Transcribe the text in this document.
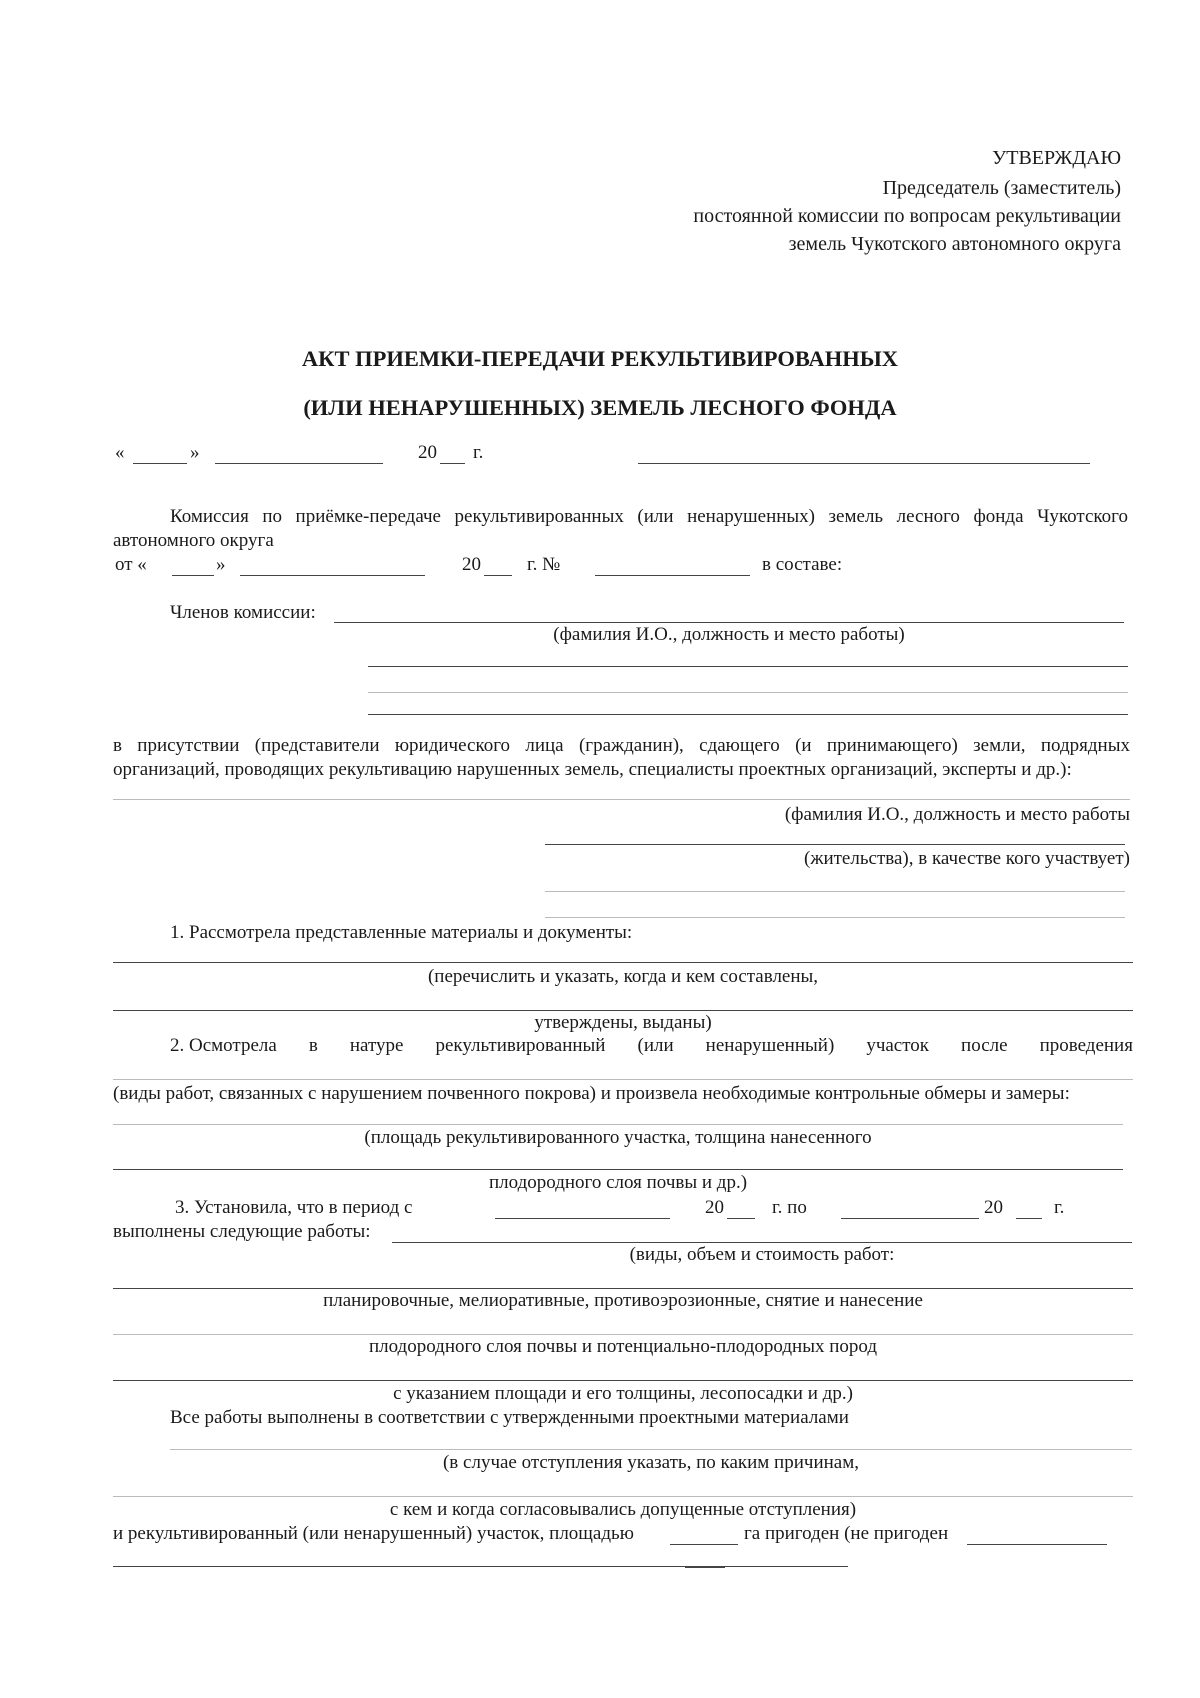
УТВЕРЖДАЮ
Председатель (заместитель)
постоянной комиссии по вопросам рекультивации
земель Чукотского автономного округа
АКТ ПРИЕМКИ-ПЕРЕДАЧИ РЕКУЛЬТИВИРОВАННЫХ
(ИЛИ НЕНАРУШЕННЫХ) ЗЕМЕЛЬ ЛЕСНОГО ФОНДА
«	»	20 г.
Комиссия по приёмке-передаче рекультивированных (или ненарушенных) земель лесного фонда Чукотского
автономного округа
от «	»	20 г. №	в составе:
Членов комиссии:
(фамилия И.О., должность и место работы)
в присутствии (представители юридического лица (гражданин), сдающего (и принимающего) земли, подрядных
организаций, проводящих рекультивацию нарушенных земель, специалисты проектных организаций, эксперты и др.):
(фамилия И.О., должность и место работы
(жительства), в качестве кого участвует)
1. Рассмотрела представленные материалы и документы:
(перечислить и указать, когда и кем составлены,
утверждены, выданы)
2. Осмотрела в натуре рекультивированный (или ненарушенный) участок после проведения
(виды работ, связанных с нарушением почвенного покрова) и произвела необходимые контрольные обмеры и замеры:
(площадь рекультивированного участка, толщина нанесенного
плодородного слоя почвы и др.)
3. Установила, что в период с	20	г. по	20	г.
выполнены следующие работы:
(виды, объем и стоимость работ:
планировочные, мелиоративные, противоэрозионные, снятие и нанесение
плодородного слоя почвы и потенциально-плодородных пород
с указанием площади и его толщины, лесопосадки и др.)
Все работы выполнены в соответствии с утвержденными проектными материалами
(в случае отступления указать, по каким причинам,
с кем и когда согласовывались допущенные отступления)
и рекультивированный (или ненарушенный) участок, площадью	га пригоден (не пригоден
